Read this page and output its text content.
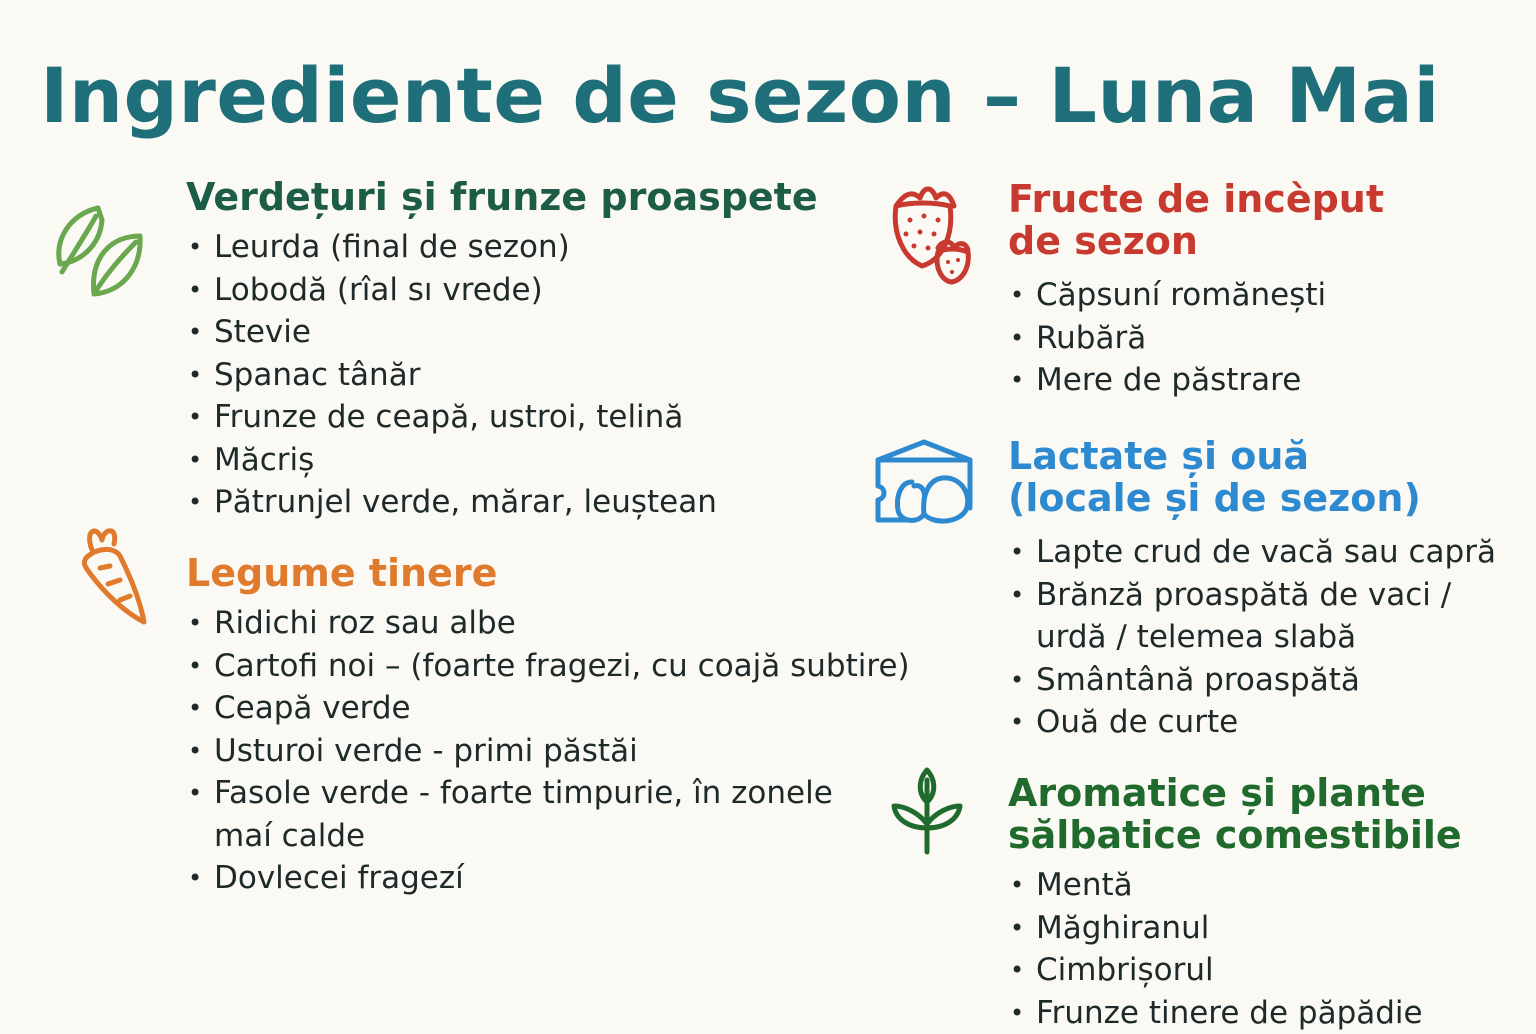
Ingrediente de sezon – Luna Mai
Verdețuri și frunze proaspete
• Leurda (final de sezon)
• Lobodă (rîal sı vrede)
• Stevie
• Spanac tânăr
• Frunze de ceapă, ustroi, telină
• Măcriș
• Pătrunjel verde, mărar, leuștean
Legume tinere
• Ridichi roz sau albe
• Cartofi noi – (foarte fragezi, cu coajă subtire)
• Ceapă verde
• Usturoi verde - primi păstăi
• Fasole verde - foarte timpurie, în zonele maí calde
• Dovlecei fragezí
Fructe de incèput
de sezon
• Căpsuní romănești
• Rubără
• Mere de păstrare
Lactate și ouă
(locale și de sezon)
• Lapte crud de vacă sau capră
• Brănză proaspătă de vaci / urdă / telemea slabă
• Smântână proaspătă
• Ouă de curte
Aromatice și plante
sălbatice comestibile
• Mentă
• Măghiranul
• Cimbrișorul
• Frunze tinere de păpădie
